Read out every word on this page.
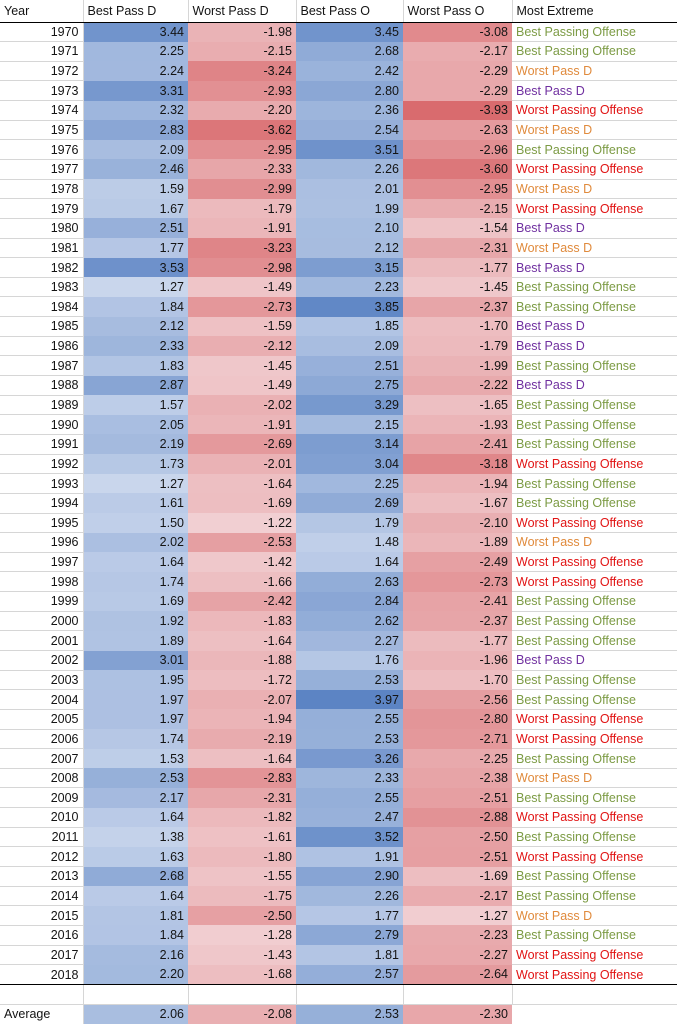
Year	Best Pass D	Worst Pass D	Best Pass O	Worst Pass O	Most Extreme
1970	3.44	-1.98	3.45	-3.08	Best Passing Offense
1971	2.25	-2.15	2.68	-2.17	Best Passing Offense
1972	2.24	-3.24	2.42	-2.29	Worst Pass D
1973	3.31	-2.93	2.80	-2.29	Best Pass D
1974	2.32	-2.20	2.36	-3.93	Worst Passing Offense
1975	2.83	-3.62	2.54	-2.63	Worst Pass D
1976	2.09	-2.95	3.51	-2.96	Best Passing Offense
1977	2.46	-2.33	2.26	-3.60	Worst Passing Offense
1978	1.59	-2.99	2.01	-2.95	Worst Pass D
1979	1.67	-1.79	1.99	-2.15	Worst Passing Offense
1980	2.51	-1.91	2.10	-1.54	Best Pass D
1981	1.77	-3.23	2.12	-2.31	Worst Pass D
1982	3.53	-2.98	3.15	-1.77	Best Pass D
1983	1.27	-1.49	2.23	-1.45	Best Passing Offense
1984	1.84	-2.73	3.85	-2.37	Best Passing Offense
1985	2.12	-1.59	1.85	-1.70	Best Pass D
1986	2.33	-2.12	2.09	-1.79	Best Pass D
1987	1.83	-1.45	2.51	-1.99	Best Passing Offense
1988	2.87	-1.49	2.75	-2.22	Best Pass D
1989	1.57	-2.02	3.29	-1.65	Best Passing Offense
1990	2.05	-1.91	2.15	-1.93	Best Passing Offense
1991	2.19	-2.69	3.14	-2.41	Best Passing Offense
1992	1.73	-2.01	3.04	-3.18	Worst Passing Offense
1993	1.27	-1.64	2.25	-1.94	Best Passing Offense
1994	1.61	-1.69	2.69	-1.67	Best Passing Offense
1995	1.50	-1.22	1.79	-2.10	Worst Passing Offense
1996	2.02	-2.53	1.48	-1.89	Worst Pass D
1997	1.64	-1.42	1.64	-2.49	Worst Passing Offense
1998	1.74	-1.66	2.63	-2.73	Worst Passing Offense
1999	1.69	-2.42	2.84	-2.41	Best Passing Offense
2000	1.92	-1.83	2.62	-2.37	Best Passing Offense
2001	1.89	-1.64	2.27	-1.77	Best Passing Offense
2002	3.01	-1.88	1.76	-1.96	Best Pass D
2003	1.95	-1.72	2.53	-1.70	Best Passing Offense
2004	1.97	-2.07	3.97	-2.56	Best Passing Offense
2005	1.97	-1.94	2.55	-2.80	Worst Passing Offense
2006	1.74	-2.19	2.53	-2.71	Worst Passing Offense
2007	1.53	-1.64	3.26	-2.25	Best Passing Offense
2008	2.53	-2.83	2.33	-2.38	Worst Pass D
2009	2.17	-2.31	2.55	-2.51	Best Passing Offense
2010	1.64	-1.82	2.47	-2.88	Worst Passing Offense
2011	1.38	-1.61	3.52	-2.50	Best Passing Offense
2012	1.63	-1.80	1.91	-2.51	Worst Passing Offense
2013	2.68	-1.55	2.90	-1.69	Best Passing Offense
2014	1.64	-1.75	2.26	-2.17	Best Passing Offense
2015	1.81	-2.50	1.77	-1.27	Worst Pass D
2016	1.84	-1.28	2.79	-2.23	Best Passing Offense
2017	2.16	-1.43	1.81	-2.27	Worst Passing Offense
2018	2.20	-1.68	2.57	-2.64	Worst Passing Offense

Average	2.06	-2.08	2.53	-2.30	
